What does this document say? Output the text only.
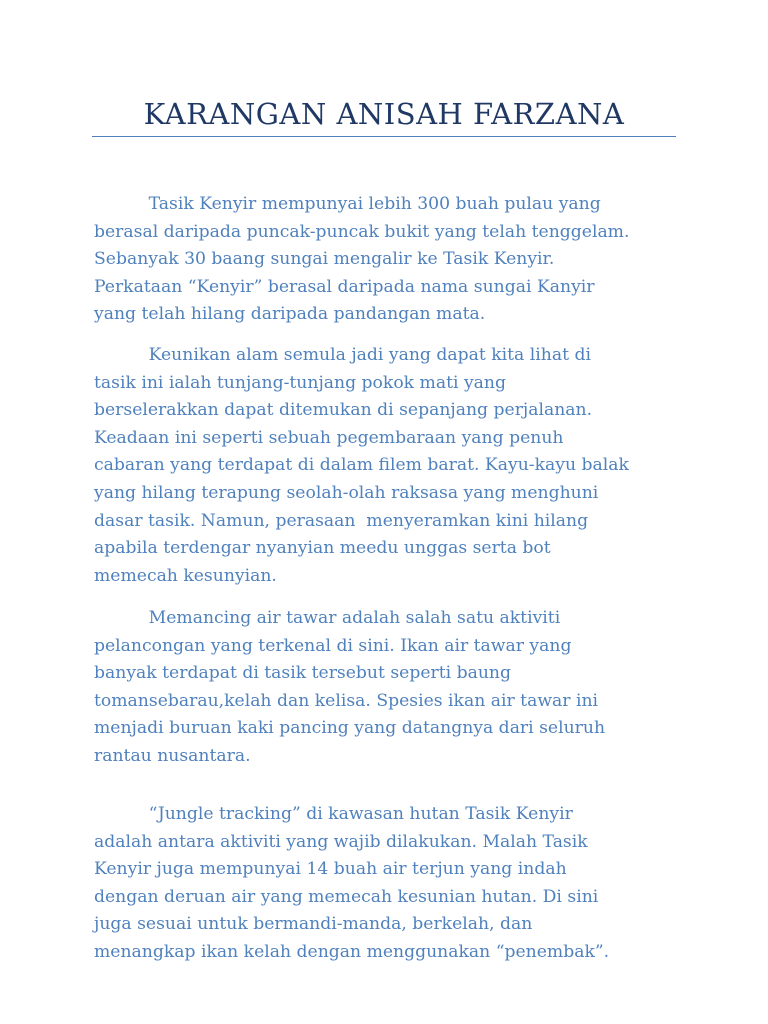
KARANGAN ANISAH FARZANA
Tasik Kenyir mempunyai lebih 300 buah pulau yang
berasal daripada puncak-puncak bukit yang telah tenggelam.
Sebanyak 30 baang sungai mengalir ke Tasik Kenyir.
Perkataan “Kenyir” berasal daripada nama sungai Kanyir
yang telah hilang daripada pandangan mata.
Keunikan alam semula jadi yang dapat kita lihat di
tasik ini ialah tunjang-tunjang pokok mati yang
berselerakkan dapat ditemukan di sepanjang perjalanan.
Keadaan ini seperti sebuah pegembaraan yang penuh
cabaran yang terdapat di dalam filem barat. Kayu-kayu balak
yang hilang terapung seolah-olah raksasa yang menghuni
dasar tasik. Namun, perasaan  menyeramkan kini hilang
apabila terdengar nyanyian meedu unggas serta bot
memecah kesunyian.
Memancing air tawar adalah salah satu aktiviti
pelancongan yang terkenal di sini. Ikan air tawar yang
banyak terdapat di tasik tersebut seperti baung
tomansebarau,kelah dan kelisa. Spesies ikan air tawar ini
menjadi buruan kaki pancing yang datangnya dari seluruh
rantau nusantara.
“Jungle tracking” di kawasan hutan Tasik Kenyir
adalah antara aktiviti yang wajib dilakukan. Malah Tasik
Kenyir juga mempunyai 14 buah air terjun yang indah
dengan deruan air yang memecah kesunian hutan. Di sini
juga sesuai untuk bermandi-manda, berkelah, dan
menangkap ikan kelah dengan menggunakan “penembak”.
